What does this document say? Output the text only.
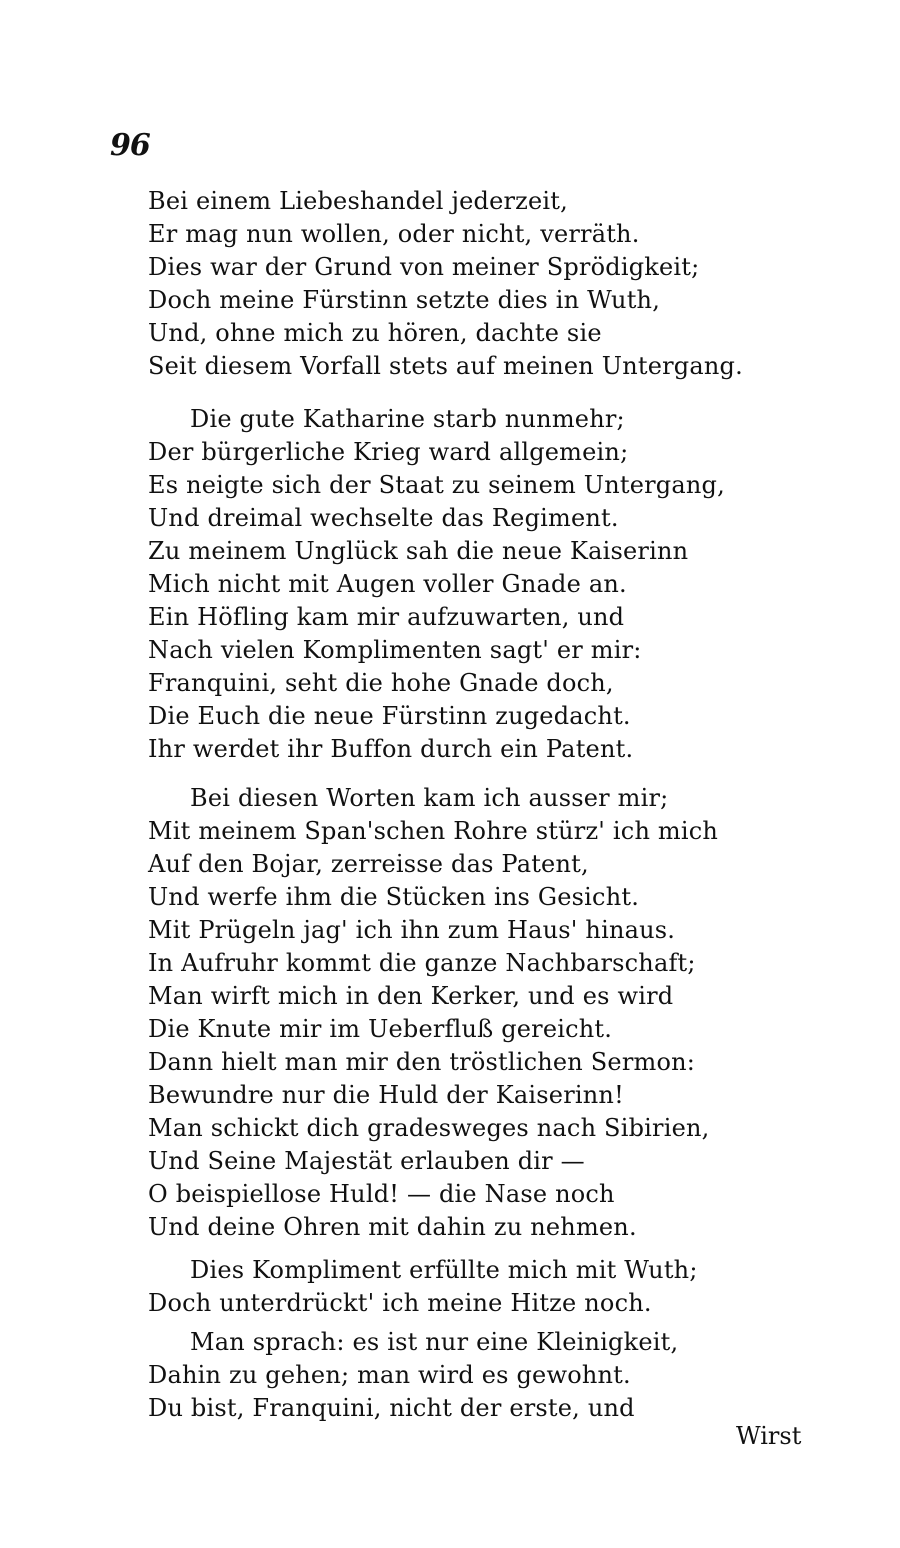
96
Bei einem Liebeshandel jederzeit,
Er mag nun wollen, oder nicht, verräth.
Dies war der Grund von meiner Sprödigkeit;
Doch meine Fürstinn setzte dies in Wuth,
Und, ohne mich zu hören, dachte sie
Seit diesem Vorfall stets auf meinen Untergang.
Die gute Katharine starb nunmehr;
Der bürgerliche Krieg ward allgemein;
Es neigte sich der Staat zu seinem Untergang,
Und dreimal wechselte das Regiment.
Zu meinem Unglück sah die neue Kaiserinn
Mich nicht mit Augen voller Gnade an.
Ein Höfling kam mir aufzuwarten, und
Nach vielen Komplimenten sagt' er mir:
Franquini, seht die hohe Gnade doch,
Die Euch die neue Fürstinn zugedacht.
Ihr werdet ihr Buffon durch ein Patent.
Bei diesen Worten kam ich ausser mir;
Mit meinem Span'schen Rohre stürz' ich mich
Auf den Bojar, zerreisse das Patent,
Und werfe ihm die Stücken ins Gesicht.
Mit Prügeln jag' ich ihn zum Haus' hinaus.
In Aufruhr kommt die ganze Nachbarschaft;
Man wirft mich in den Kerker, und es wird
Die Knute mir im Ueberfluß gereicht.
Dann hielt man mir den tröstlichen Sermon:
Bewundre nur die Huld der Kaiserinn!
Man schickt dich gradesweges nach Sibirien,
Und Seine Majestät erlauben dir —
O beispiellose Huld! — die Nase noch
Und deine Ohren mit dahin zu nehmen.
Dies Kompliment erfüllte mich mit Wuth;
Doch unterdrückt' ich meine Hitze noch.
Man sprach: es ist nur eine Kleinigkeit,
Dahin zu gehen; man wird es gewohnt.
Du bist, Franquini, nicht der erste, und
Wirst
